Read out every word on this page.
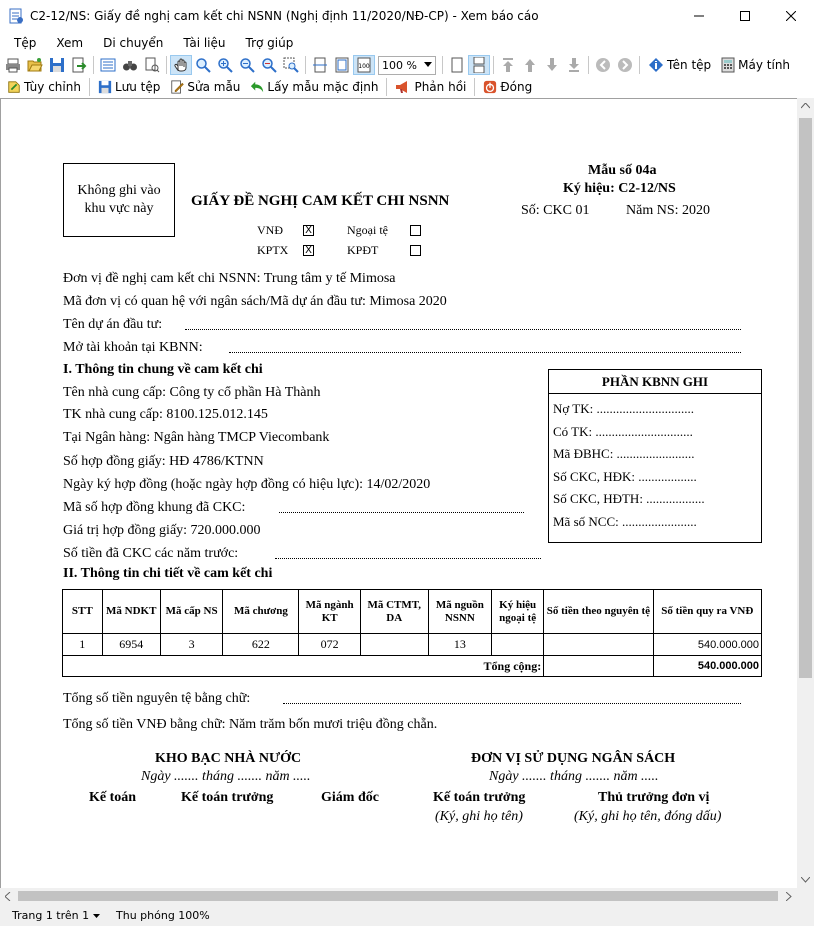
C2-12/NS: Giấy đề nghị cam kết chi NSNN (Nghị định 11/2020/NĐ-CP) - Xem báo cáo
Tệp	Xem	Di chuyển	Tài liệu	Trợ giúp
100 100 %	Tên tệp Máy tính
Tùy chỉnh	Lưu tệp Sửa mẫu Lấy mẫu mặc định	Phản hồi	Đóng
Không ghi vào khu vực này	GIẤY ĐỀ NGHỊ CAM KẾT CHI NSNN
Mẫu số 04a
Ký hiệu: C2-12/NS
Số: CKC 01	Năm NS: 2020
VNĐ X	Ngoại tệ
KPTX X	KPĐT
Đơn vị đề nghị cam kết chi NSNN: Trung tâm y tế Mimosa
Mã đơn vị có quan hệ với ngân sách/Mã dự án đầu tư: Mimosa 2020
Tên dự án đầu tư:
Mở tài khoản tại KBNN:
I. Thông tin chung về cam kết chi
Tên nhà cung cấp: Công ty cổ phần Hà Thành
TK nhà cung cấp: 8100.125.012.145
Tại Ngân hàng: Ngân hàng TMCP Viecombank
Số hợp đồng giấy: HĐ 4786/KTNN
Ngày ký hợp đồng (hoặc ngày hợp đồng có hiệu lực): 14/02/2020
Mã số hợp đồng khung đã CKC:
Giá trị hợp đồng giấy: 720.000.000
Số tiền đã CKC các năm trước:
PHẦN KBNN GHI
Nợ TK: ..............................
Có TK: ..............................
Mã ĐBHC: ........................
Số CKC, HĐK: ..................
Số CKC, HĐTH: ..................
Mã số NCC: .......................
II. Thông tin chi tiết về cam kết chi
STT	Mã NDKT	Mã cấp NS	Mã chương	Mã ngành KT	Mã CTMT, DA	Mã nguồn NSNN	Ký hiệu ngoại tệ	Số tiền theo nguyên tệ	Số tiền quy ra VNĐ
1	6954	3	622	072		13			540.000.000
Tổng cộng:									540.000.000
Tổng số tiền nguyên tệ bằng chữ:
Tổng số tiền VNĐ bằng chữ: Năm trăm bốn mươi triệu đồng chẵn.
KHO BẠC NHÀ NƯỚC
Ngày ....... tháng ....... năm .....
Kế toán	Kế toán trưởng	Giám đốc
ĐƠN VỊ SỬ DỤNG NGÂN SÁCH
Ngày ....... tháng ....... năm .....
Kế toán trưởng	Thủ trưởng đơn vị
(Ký, ghi họ tên)	(Ký, ghi họ tên, đóng dấu)
Trang 1 trên 1	Thu phóng 100%
